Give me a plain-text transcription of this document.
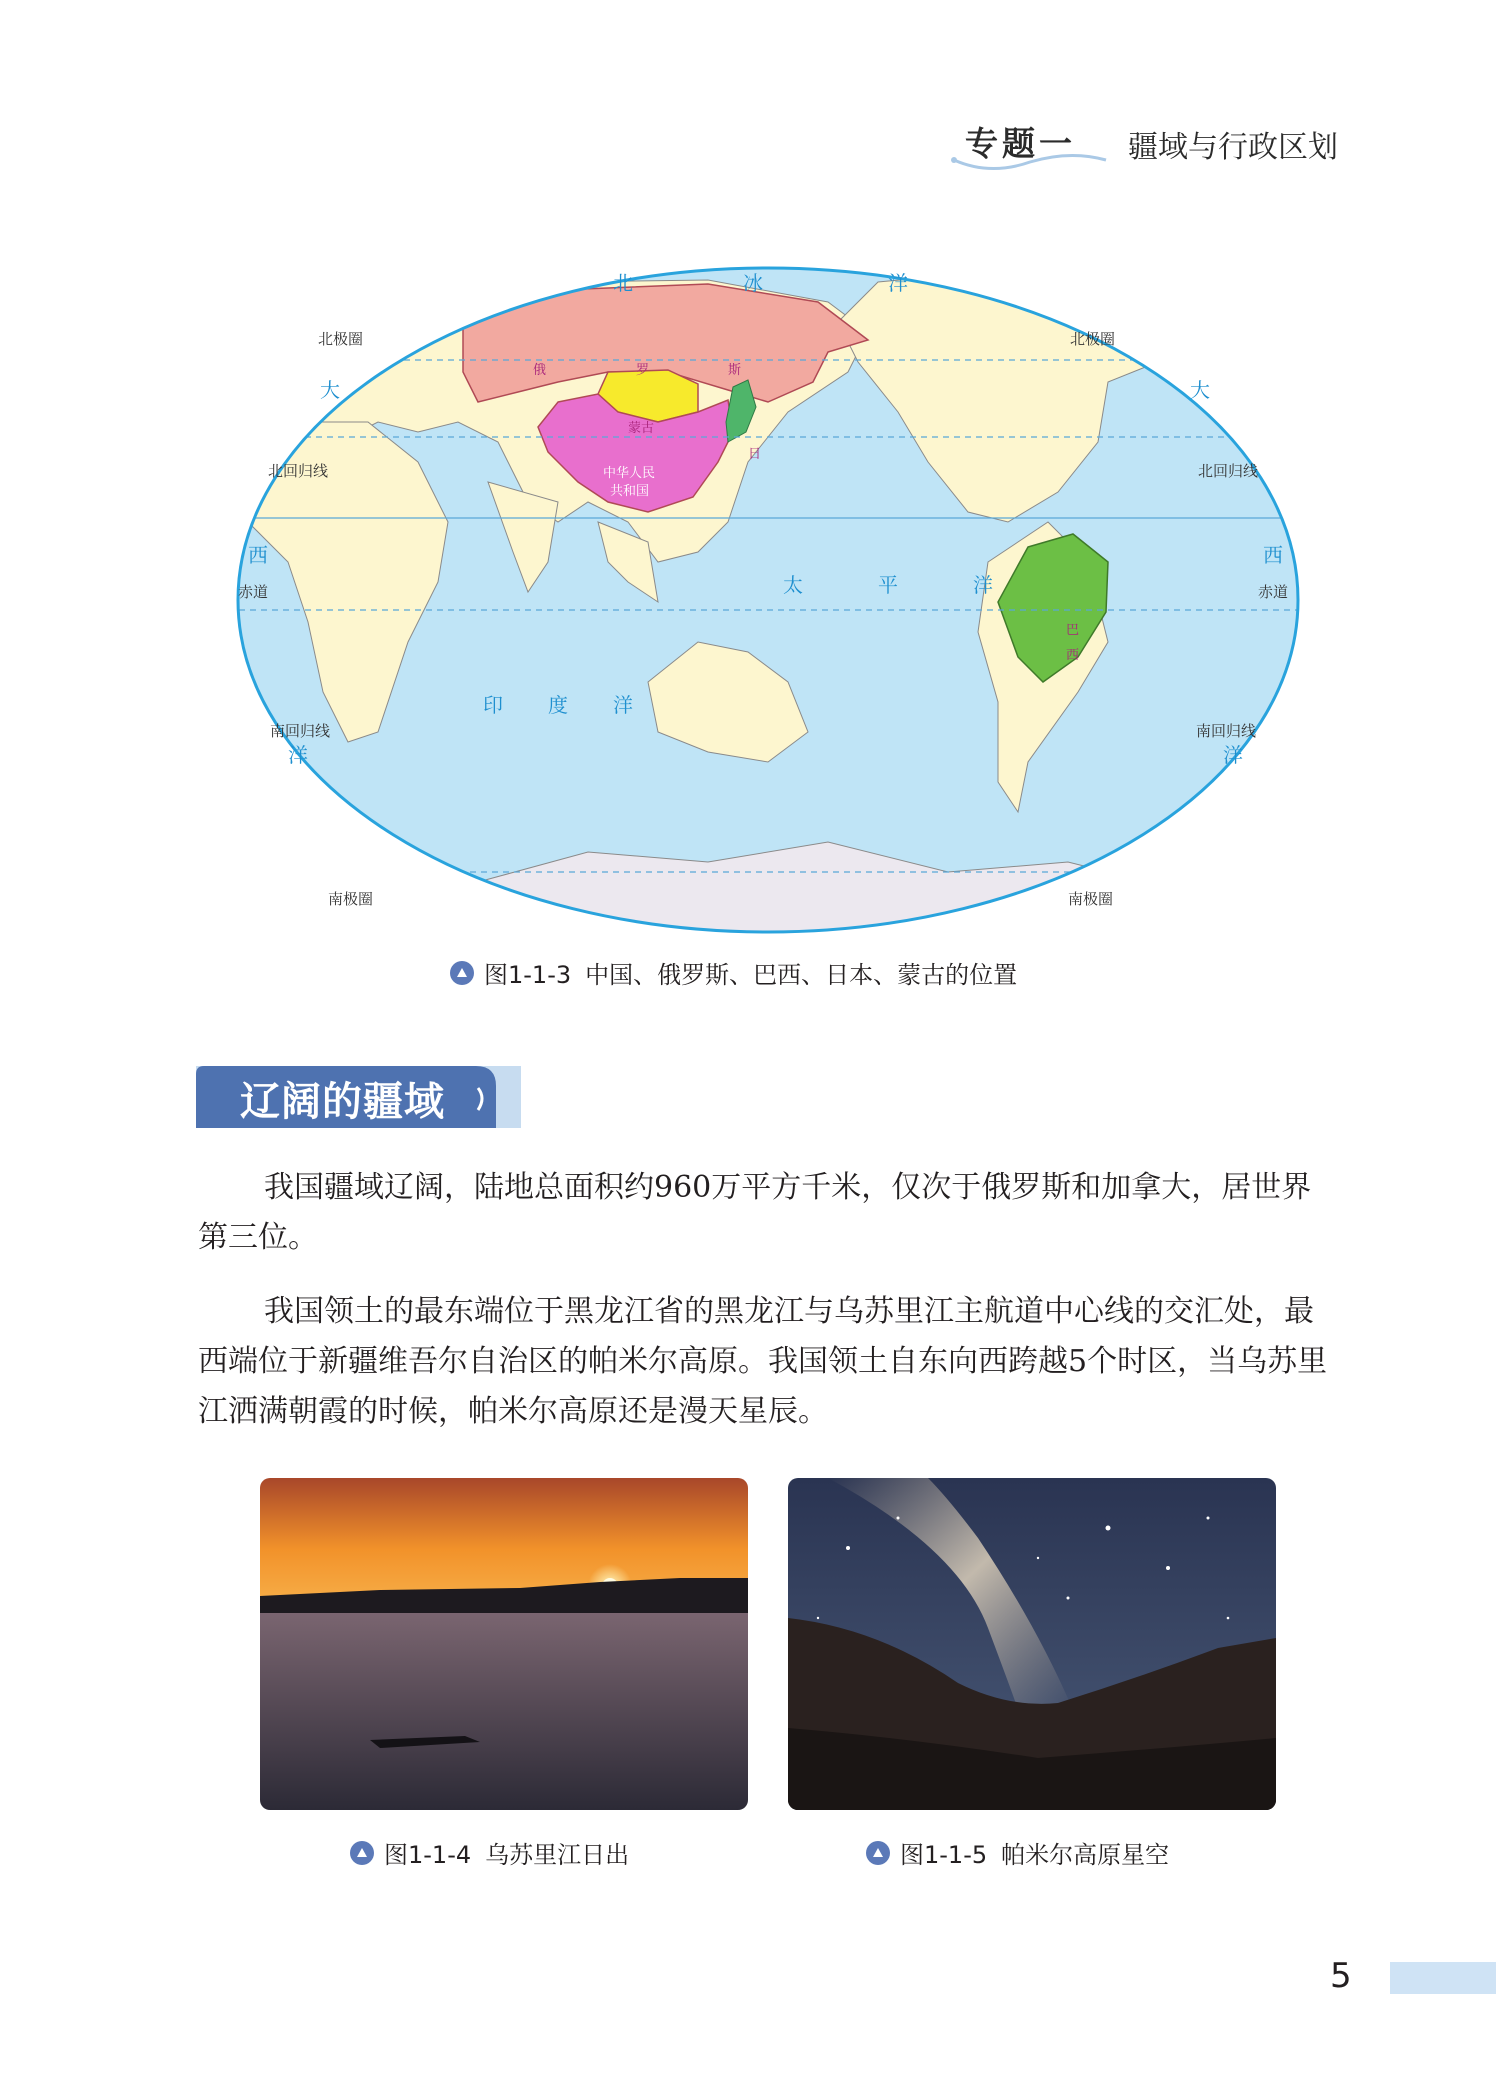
专题一 疆域与行政区划
北	冰	洋
太	平	洋
印 度 洋
大
西
洋
大
西
洋
北极圈	北极圈
北回归线	北回归线
赤道	赤道
南回归线	南回归线
南极圈	南极圈
俄	罗	斯
蒙古
中华人民
共和国
日
巴
西
图1-1-3 中国、俄罗斯、巴西、日本、蒙古的位置
辽阔的疆域

我国疆域辽阔，陆地总面积约960万平方千米，仅次于俄罗斯和加拿大，居世界第三位。

我国领土的最东端位于黑龙江省的黑龙江与乌苏里江主航道中心线的交汇处，最西端位于新疆维吾尔自治区的帕米尔高原。我国领土自东向西跨越5个时区，当乌苏里江洒满朝霞的时候，帕米尔高原还是漫天星辰。

图1-1-4 乌苏里江日出	图1-1-5 帕米尔高原星空
5
